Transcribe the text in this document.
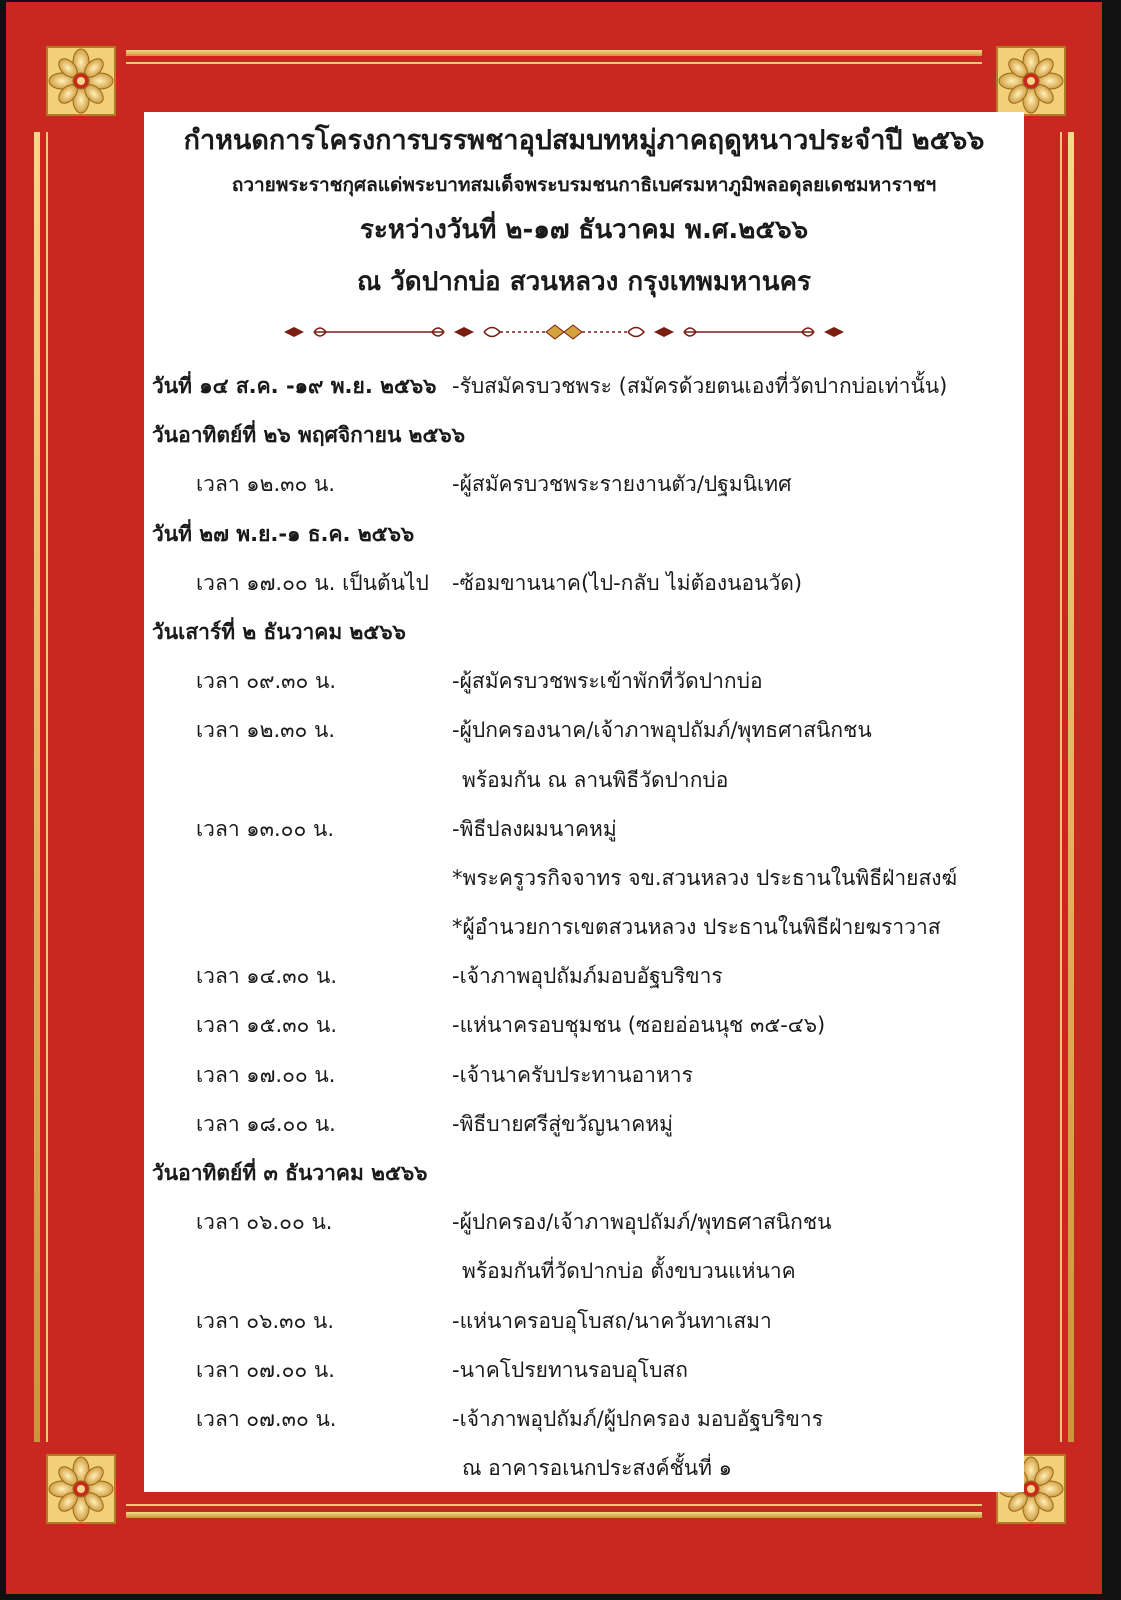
กำหนดการโครงการบรรพชาอุปสมบทหมู่ภาคฤดูหนาวประจำปี ๒๕๖๖
ถวายพระราชกุศลแด่พระบาทสมเด็จพระบรมชนกาธิเบศรมหาภูมิพลอดุลยเดชมหาราชฯ
ระหว่างวันที่ ๒-๑๗ ธันวาคม พ.ศ.๒๕๖๖
ณ วัดปากบ่อ สวนหลวง กรุงเทพมหานคร
วันที่ ๑๔ ส.ค. -๑๙ พ.ย. ๒๕๖๖ -รับสมัครบวชพระ (สมัครด้วยตนเองที่วัดปากบ่อเท่านั้น)
วันอาทิตย์ที่ ๒๖ พฤศจิกายน ๒๕๖๖
เวลา ๑๒.๓๐ น.	-ผู้สมัครบวชพระรายงานตัว/ปฐมนิเทศ
วันที่ ๒๗ พ.ย.-๑ ธ.ค. ๒๕๖๖
เวลา ๑๗.๐๐ น. เป็นต้นไป -ซ้อมขานนาค(ไป-กลับ ไม่ต้องนอนวัด)
วันเสาร์ที่ ๒ ธันวาคม ๒๕๖๖
เวลา ๐๙.๓๐ น.	-ผู้สมัครบวชพระเข้าพักที่วัดปากบ่อ
เวลา ๑๒.๓๐ น.	-ผู้ปกครองนาค/เจ้าภาพอุปถัมภ์/พุทธศาสนิกชน
พร้อมกัน ณ ลานพิธีวัดปากบ่อ
เวลา ๑๓.๐๐ น.	-พิธีปลงผมนาคหมู่
*พระครูวรกิจจาทร จข.สวนหลวง ประธานในพิธีฝ่ายสงฆ์
*ผู้อำนวยการเขตสวนหลวง ประธานในพิธีฝ่ายฆราวาส
เวลา ๑๔.๓๐ น.	-เจ้าภาพอุปถัมภ์มอบอัฐบริขาร
เวลา ๑๕.๓๐ น.	-แห่นาครอบชุมชน (ซอยอ่อนนุช ๓๕-๔๖)
เวลา ๑๗.๐๐ น.	-เจ้านาครับประทานอาหาร
เวลา ๑๘.๐๐ น.	-พิธีบายศรีสู่ขวัญนาคหมู่
วันอาทิตย์ที่ ๓ ธันวาคม ๒๕๖๖
เวลา ๐๖.๐๐ น.	-ผู้ปกครอง/เจ้าภาพอุปถัมภ์/พุทธศาสนิกชน
พร้อมกันที่วัดปากบ่อ ตั้งขบวนแห่นาค
เวลา ๐๖.๓๐ น.	-แห่นาครอบอุโบสถ/นาควันทาเสมา
เวลา ๐๗.๐๐ น.	-นาคโปรยทานรอบอุโบสถ
เวลา ๐๗.๓๐ น.	-เจ้าภาพอุปถัมภ์/ผู้ปกครอง มอบอัฐบริขาร
ณ อาคารอเนกประสงค์ชั้นที่ ๑
